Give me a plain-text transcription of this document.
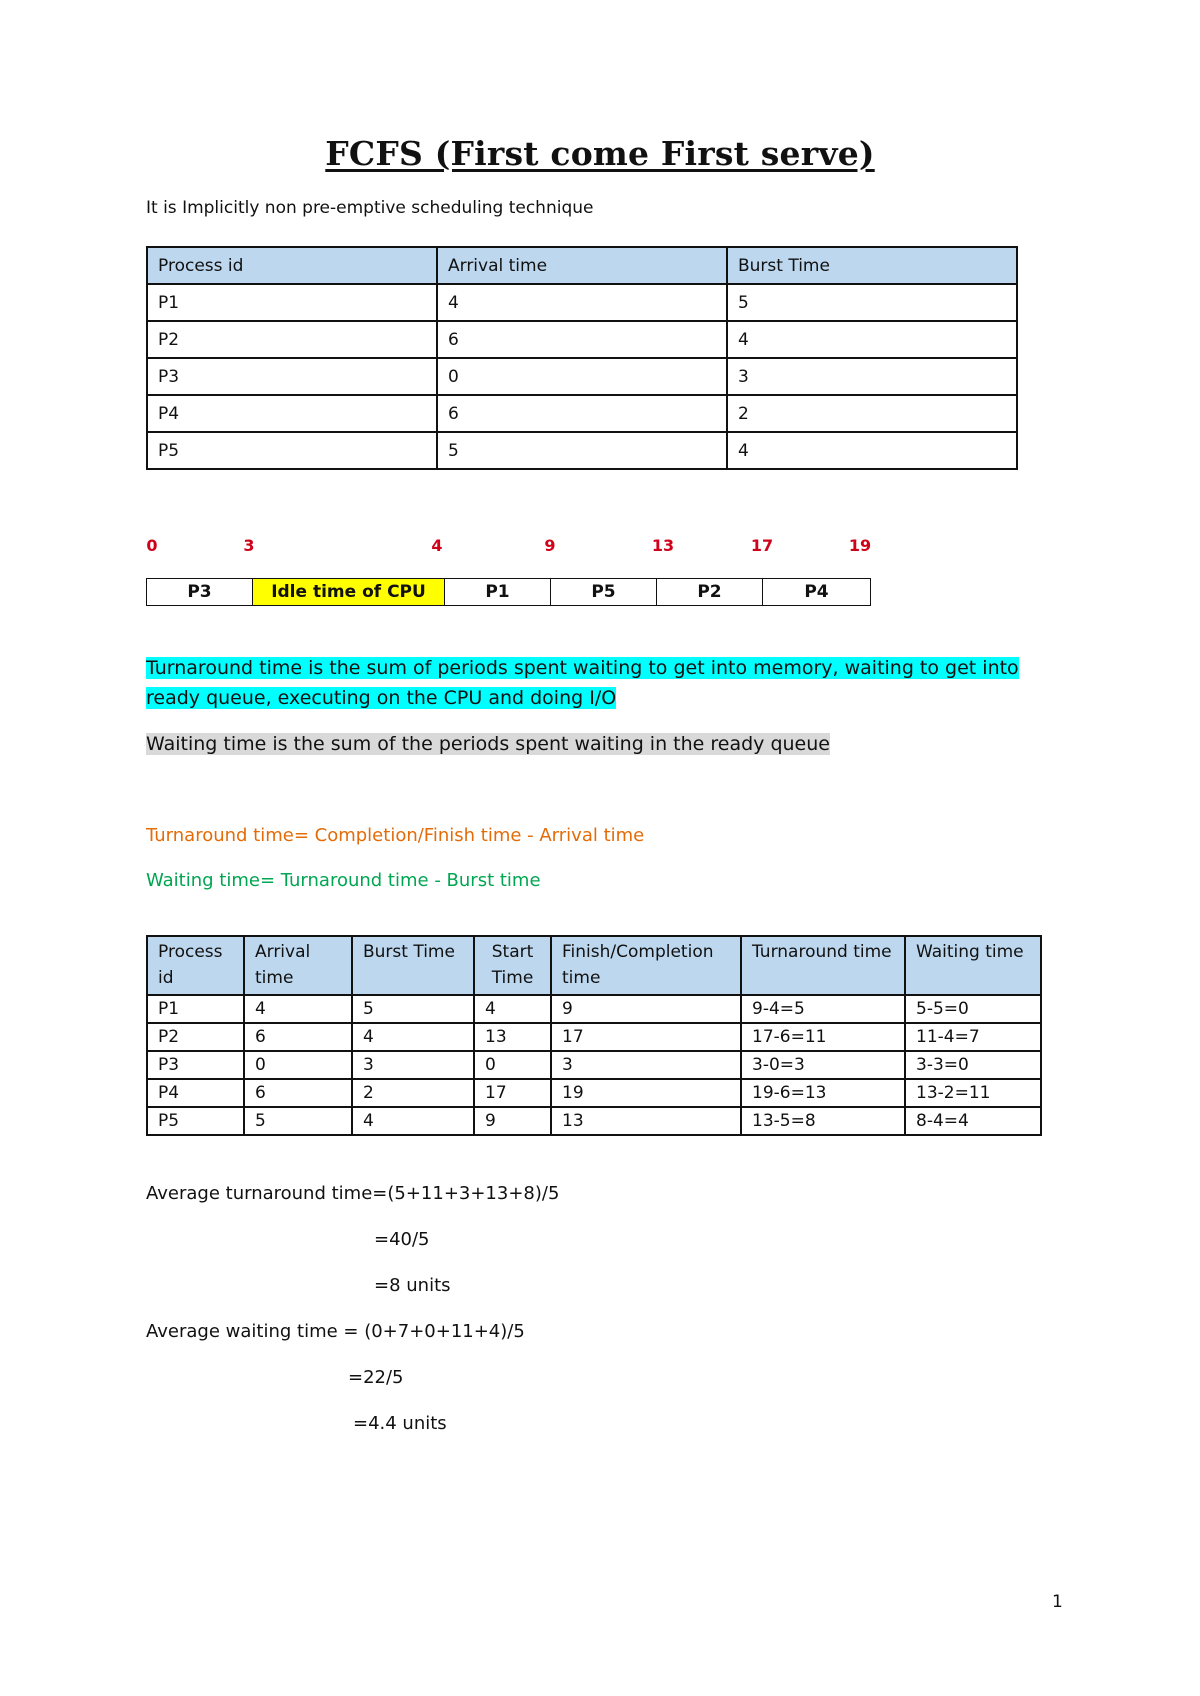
FCFS (First come First serve)
It is Implicitly non pre-emptive scheduling technique
Process id	Arrival time	Burst Time
P1	4	5
P2	6	4
P3	0	3
P4	6	2
P5	5	4
0	3	4	9	13	17	19
P3	Idle time of CPU	P1	P5	P2	P4
Turnaround time is the sum of periods spent waiting to get into memory, waiting to get into ready queue, executing on the CPU and doing I/O
Waiting time is the sum of the periods spent waiting in the ready queue
Turnaround time= Completion/Finish time - Arrival time
Waiting time= Turnaround time - Burst time
Process id	Arrival time	Burst Time	Start Time	Finish/Completion time	Turnaround time	Waiting time
P1	4	5	4	9	9-4=5	5-5=0
P2	6	4	13	17	17-6=11	11-4=7
P3	0	3	0	3	3-0=3	3-3=0
P4	6	2	17	19	19-6=13	13-2=11
P5	5	4	9	13	13-5=8	8-4=4
Average turnaround time=(5+11+3+13+8)/5
=40/5
=8 units
Average waiting time = (0+7+0+11+4)/5
=22/5
=4.4 units
1
